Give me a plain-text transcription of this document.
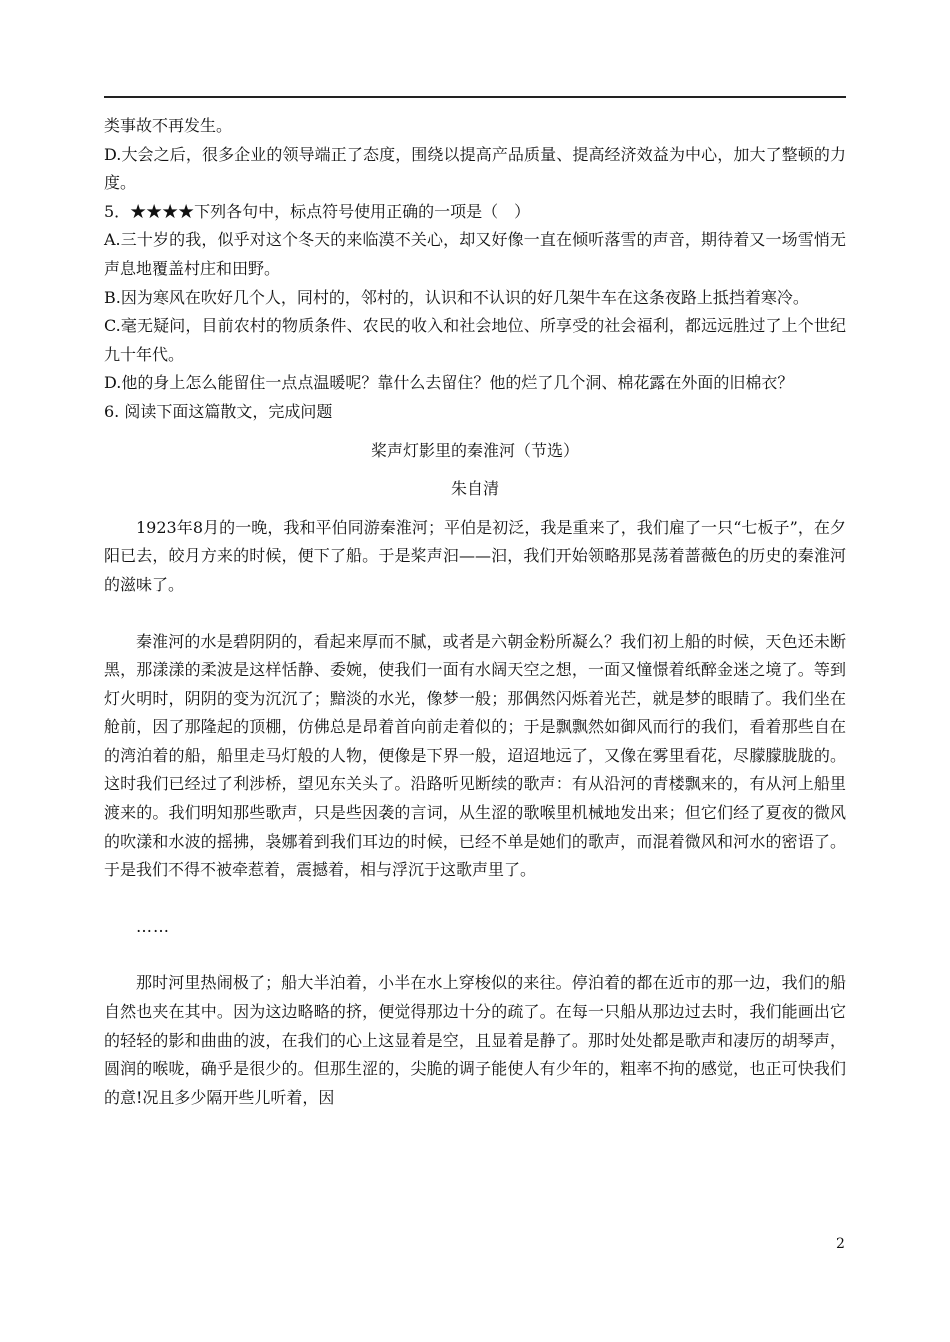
类事故不再发生。

D.大会之后，很多企业的领导端正了态度，围绕以提高产品质量、提高经济效益为中心，加大了整顿的力度。

5．★★★★下列各句中，标点符号使用正确的一项是（　）

A.三十岁的我，似乎对这个冬天的来临漠不关心，却又好像一直在倾听落雪的声音，期待着又一场雪悄无声息地覆盖村庄和田野。

B.因为寒风在吹好几个人，同村的，邻村的，认识和不认识的好几架牛车在这条夜路上抵挡着寒冷。

C.毫无疑问，目前农村的物质条件、农民的收入和社会地位、所享受的社会福利，都远远胜过了上个世纪九十年代。

D.他的身上怎么能留住一点点温暖呢？靠什么去留住？他的烂了几个洞、棉花露在外面的旧棉衣？

6. 阅读下面这篇散文，完成问题

桨声灯影里的秦淮河（节选）

朱自清

1923年8月的一晚，我和平伯同游秦淮河；平伯是初泛，我是重来了，我们雇了一只“七板子”，在夕阳已去，皎月方来的时候，便下了船。于是桨声汩——汩，我们开始领略那晃荡着蔷薇色的历史的秦淮河的滋味了。

秦淮河的水是碧阴阴的，看起来厚而不腻，或者是六朝金粉所凝么？我们初上船的时候，天色还未断黑，那漾漾的柔波是这样恬静、委婉，使我们一面有水阔天空之想，一面又憧憬着纸醉金迷之境了。等到灯火明时，阴阴的变为沉沉了；黯淡的水光，像梦一般；那偶然闪烁着光芒，就是梦的眼睛了。我们坐在舱前，因了那隆起的顶棚，仿佛总是昂着首向前走着似的；于是飘飘然如御风而行的我们，看着那些自在的湾泊着的船，船里走马灯般的人物，便像是下界一般，迢迢地远了，又像在雾里看花，尽朦朦胧胧的。这时我们已经过了利涉桥，望见东关头了。沿路听见断续的歌声：有从沿河的青楼飘来的，有从河上船里渡来的。我们明知那些歌声，只是些因袭的言词，从生涩的歌喉里机械地发出来；但它们经了夏夜的微风的吹漾和水波的摇拂，袅娜着到我们耳边的时候，已经不单是她们的歌声，而混着微风和河水的密语了。于是我们不得不被牵惹着，震撼着，相与浮沉于这歌声里了。

……

那时河里热闹极了；船大半泊着，小半在水上穿梭似的来往。停泊着的都在近市的那一边，我们的船自然也夹在其中。因为这边略略的挤，便觉得那边十分的疏了。在每一只船从那边过去时，我们能画出它的轻轻的影和曲曲的波，在我们的心上这显着是空，且显着是静了。那时处处都是歌声和凄厉的胡琴声，圆润的喉咙，确乎是很少的。但那生涩的，尖脆的调子能使人有少年的，粗率不拘的感觉，也正可快我们的意!况且多少隔开些儿听着，因

2
